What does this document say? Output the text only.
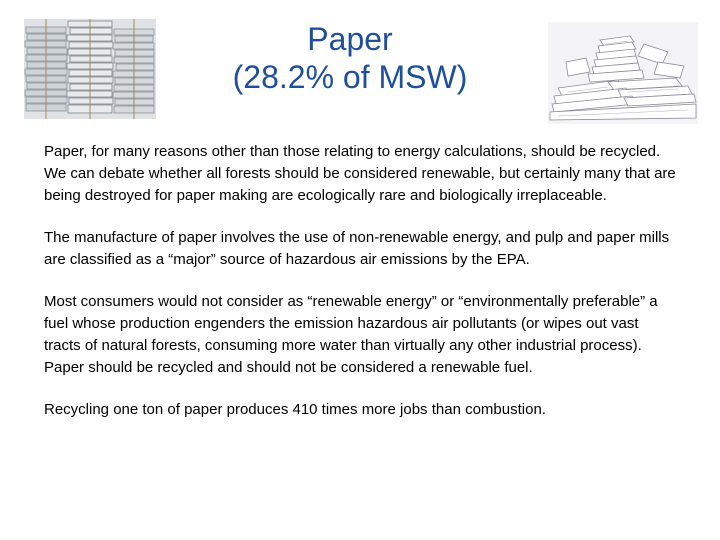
Paper
(28.2% of MSW)

Paper, for many reasons other than those relating to energy calculations, should be recycled. We can debate whether all forests should be considered renewable, but certainly many that are being destroyed for paper making are ecologically rare and biologically irreplaceable.

The manufacture of paper involves the use of non-renewable energy, and pulp and paper mills are classified as a “major” source of hazardous air emissions by the EPA.

Most consumers would not consider as “renewable energy” or “environmentally preferable” a fuel whose production engenders the emission hazardous air pollutants (or wipes out vast tracts of natural forests, consuming more water than virtually any other industrial process). Paper should be recycled and should not be considered a renewable fuel.

Recycling one ton of paper produces 410 times more jobs than combustion.
